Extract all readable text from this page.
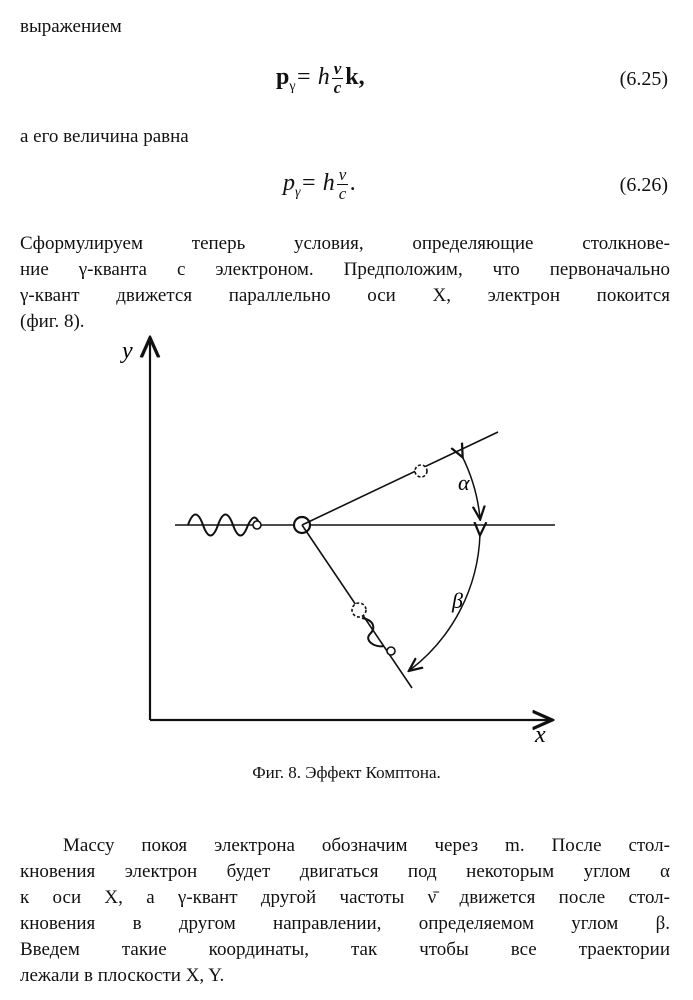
выражением
$p_\gamma= h \frac{\nu}{c} k$,	(6.25)
а его величина равна
$p_\gamma= h \frac{\nu}{c}$ .	(6.26)
Сформулируем теперь условия, определяющие столкнове-
ние γ-кванта с электроном. Предположим, что первоначально
γ-квант движется параллельно оси X, электрон покоится
(фиг. 8).
y
x
α
β
Фиг. 8. Эффект Комптона.
Массу покоя электрона обозначим через m. После стол-
кновения электрон будет двигаться под некоторым углом α
к оси X, а γ-квант другой частоты ν̄ движется после стол-
кновения в другом направлении, определяемом углом β.
Введем такие координаты, так чтобы все траектории
лежали в плоскости X, Y.
